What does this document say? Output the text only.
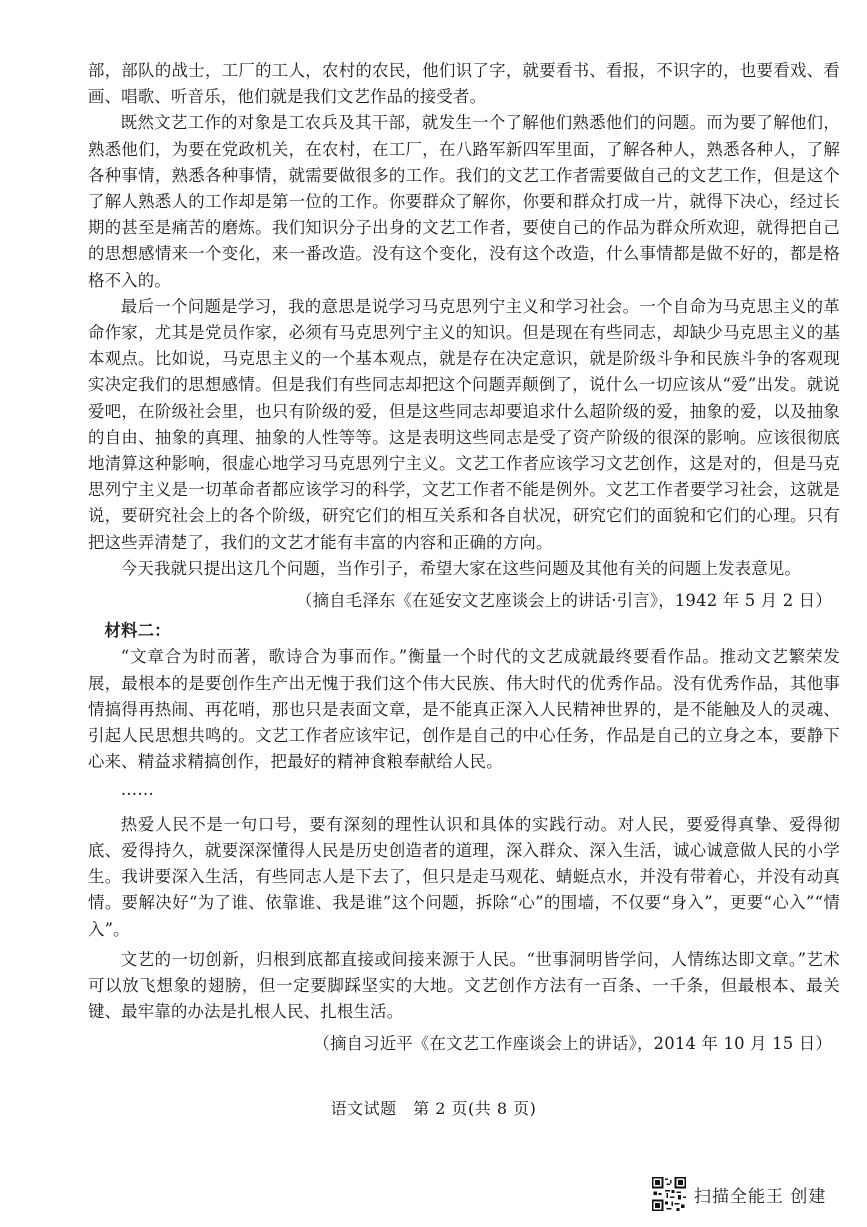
部，部队的战士，工厂的工人，农村的农民，他们识了字，就要看书、看报，不识字的，也要看戏、看画、唱歌、听音乐，他们就是我们文艺作品的接受者。

既然文艺工作的对象是工农兵及其干部，就发生一个了解他们熟悉他们的问题。而为要了解他们，熟悉他们，为要在党政机关，在农村，在工厂，在八路军新四军里面，了解各种人，熟悉各种人，了解各种事情，熟悉各种事情，就需要做很多的工作。我们的文艺工作者需要做自己的文艺工作，但是这个了解人熟悉人的工作却是第一位的工作。你要群众了解你，你要和群众打成一片，就得下决心，经过长期的甚至是痛苦的磨炼。我们知识分子出身的文艺工作者，要使自己的作品为群众所欢迎，就得把自己的思想感情来一个变化，来一番改造。没有这个变化，没有这个改造，什么事情都是做不好的，都是格格不入的。

最后一个问题是学习，我的意思是说学习马克思列宁主义和学习社会。一个自命为马克思主义的革命作家，尤其是党员作家，必须有马克思列宁主义的知识。但是现在有些同志，却缺少马克思主义的基本观点。比如说，马克思主义的一个基本观点，就是存在决定意识，就是阶级斗争和民族斗争的客观现实决定我们的思想感情。但是我们有些同志却把这个问题弄颠倒了，说什么一切应该从“爱”出发。就说爱吧，在阶级社会里，也只有阶级的爱，但是这些同志却要追求什么超阶级的爱，抽象的爱，以及抽象的自由、抽象的真理、抽象的人性等等。这是表明这些同志是受了资产阶级的很深的影响。应该很彻底地清算这种影响，很虚心地学习马克思列宁主义。文艺工作者应该学习文艺创作，这是对的，但是马克思列宁主义是一切革命者都应该学习的科学，文艺工作者不能是例外。文艺工作者要学习社会，这就是说，要研究社会上的各个阶级，研究它们的相互关系和各自状况，研究它们的面貌和它们的心理。只有把这些弄清楚了，我们的文艺才能有丰富的内容和正确的方向。

今天我就只提出这几个问题，当作引子，希望大家在这些问题及其他有关的问题上发表意见。

（摘自毛泽东《在延安文艺座谈会上的讲话·引言》，1942 年 5 月 2 日）

材料二：

“文章合为时而著，歌诗合为事而作。”衡量一个时代的文艺成就最终要看作品。推动文艺繁荣发展，最根本的是要创作生产出无愧于我们这个伟大民族、伟大时代的优秀作品。没有优秀作品，其他事情搞得再热闹、再花哨，那也只是表面文章，是不能真正深入人民精神世界的，是不能触及人的灵魂、引起人民思想共鸣的。文艺工作者应该牢记，创作是自己的中心任务，作品是自己的立身之本，要静下心来、精益求精搞创作，把最好的精神食粮奉献给人民。

……

热爱人民不是一句口号，要有深刻的理性认识和具体的实践行动。对人民，要爱得真挚、爱得彻底、爱得持久，就要深深懂得人民是历史创造者的道理，深入群众、深入生活，诚心诚意做人民的小学生。我讲要深入生活，有些同志人是下去了，但只是走马观花、蜻蜓点水，并没有带着心，并没有动真情。要解决好“为了谁、依靠谁、我是谁”这个问题，拆除“心”的围墙，不仅要“身入”，更要“心入”“情入”。

文艺的一切创新，归根到底都直接或间接来源于人民。“世事洞明皆学问，人情练达即文章。”艺术可以放飞想象的翅膀，但一定要脚踩坚实的大地。文艺创作方法有一百条、一千条，但最根本、最关键、最牢靠的办法是扎根人民、扎根生活。

（摘自习近平《在文艺工作座谈会上的讲话》，2014 年 10 月 15 日）

语文试题　第 2 页(共 8 页)
扫描全能王 创建
